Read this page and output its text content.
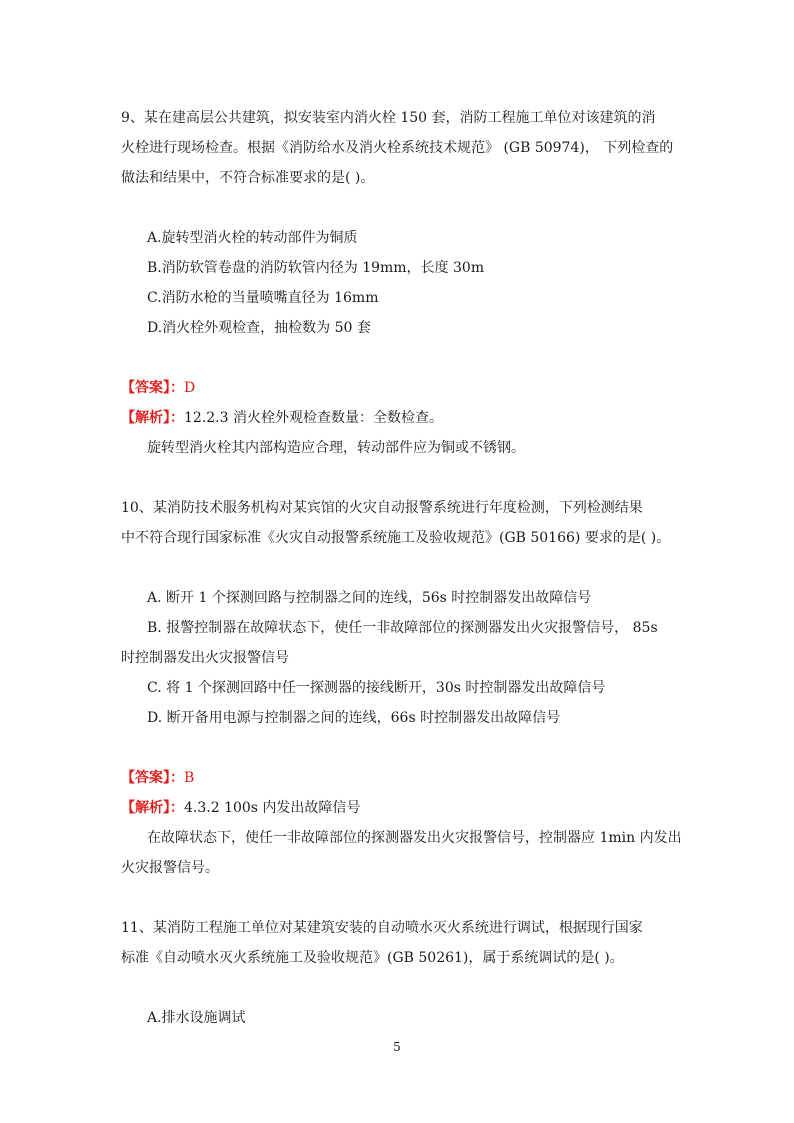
9、某在建高层公共建筑，拟安装室内消火栓 150 套，消防工程施工单位对该建筑的消
火栓进行现场检查。根据《消防给水及消火栓系统技术规范》 (GB 50974)， 下列检查的
做法和结果中，不符合标准要求的是( )。
A.旋转型消火栓的转动部件为铜质
B.消防软管卷盘的消防软管内径为 19mm，长度 30m
C.消防水枪的当量喷嘴直径为 16mm
D.消火栓外观检查，抽检数为 50 套
【答案】：D
【解析】：12.2.3 消火栓外观检查数量：全数检查。
旋转型消火栓其内部构造应合理，转动部件应为铜或不锈钢。
10、某消防技术服务机构对某宾馆的火灾自动报警系统进行年度检测，下列检测结果
中不符合现行国家标准《火灾自动报警系统施工及验收规范》(GB 50166) 要求的是( )。
A. 断开 1 个探测回路与控制器之间的连线，56s 时控制器发出故障信号
B. 报警控制器在故障状态下，使任一非故障部位的探测器发出火灾报警信号， 85s
时控制器发出火灾报警信号
C. 将 1 个探测回路中任一探测器的接线断开，30s 时控制器发出故障信号
D. 断开备用电源与控制器之间的连线，66s 时控制器发出故障信号
【答案】：B
【解析】：4.3.2 100s 内发出故障信号
在故障状态下，使任一非故障部位的探测器发出火灾报警信号，控制器应 1min 内发出
火灾报警信号。
11、某消防工程施工单位对某建筑安装的自动喷水灭火系统进行调试，根据现行国家
标准《自动喷水灭火系统施工及验收规范》(GB 50261)，属于系统调试的是( )。
A.排水设施调试
5
